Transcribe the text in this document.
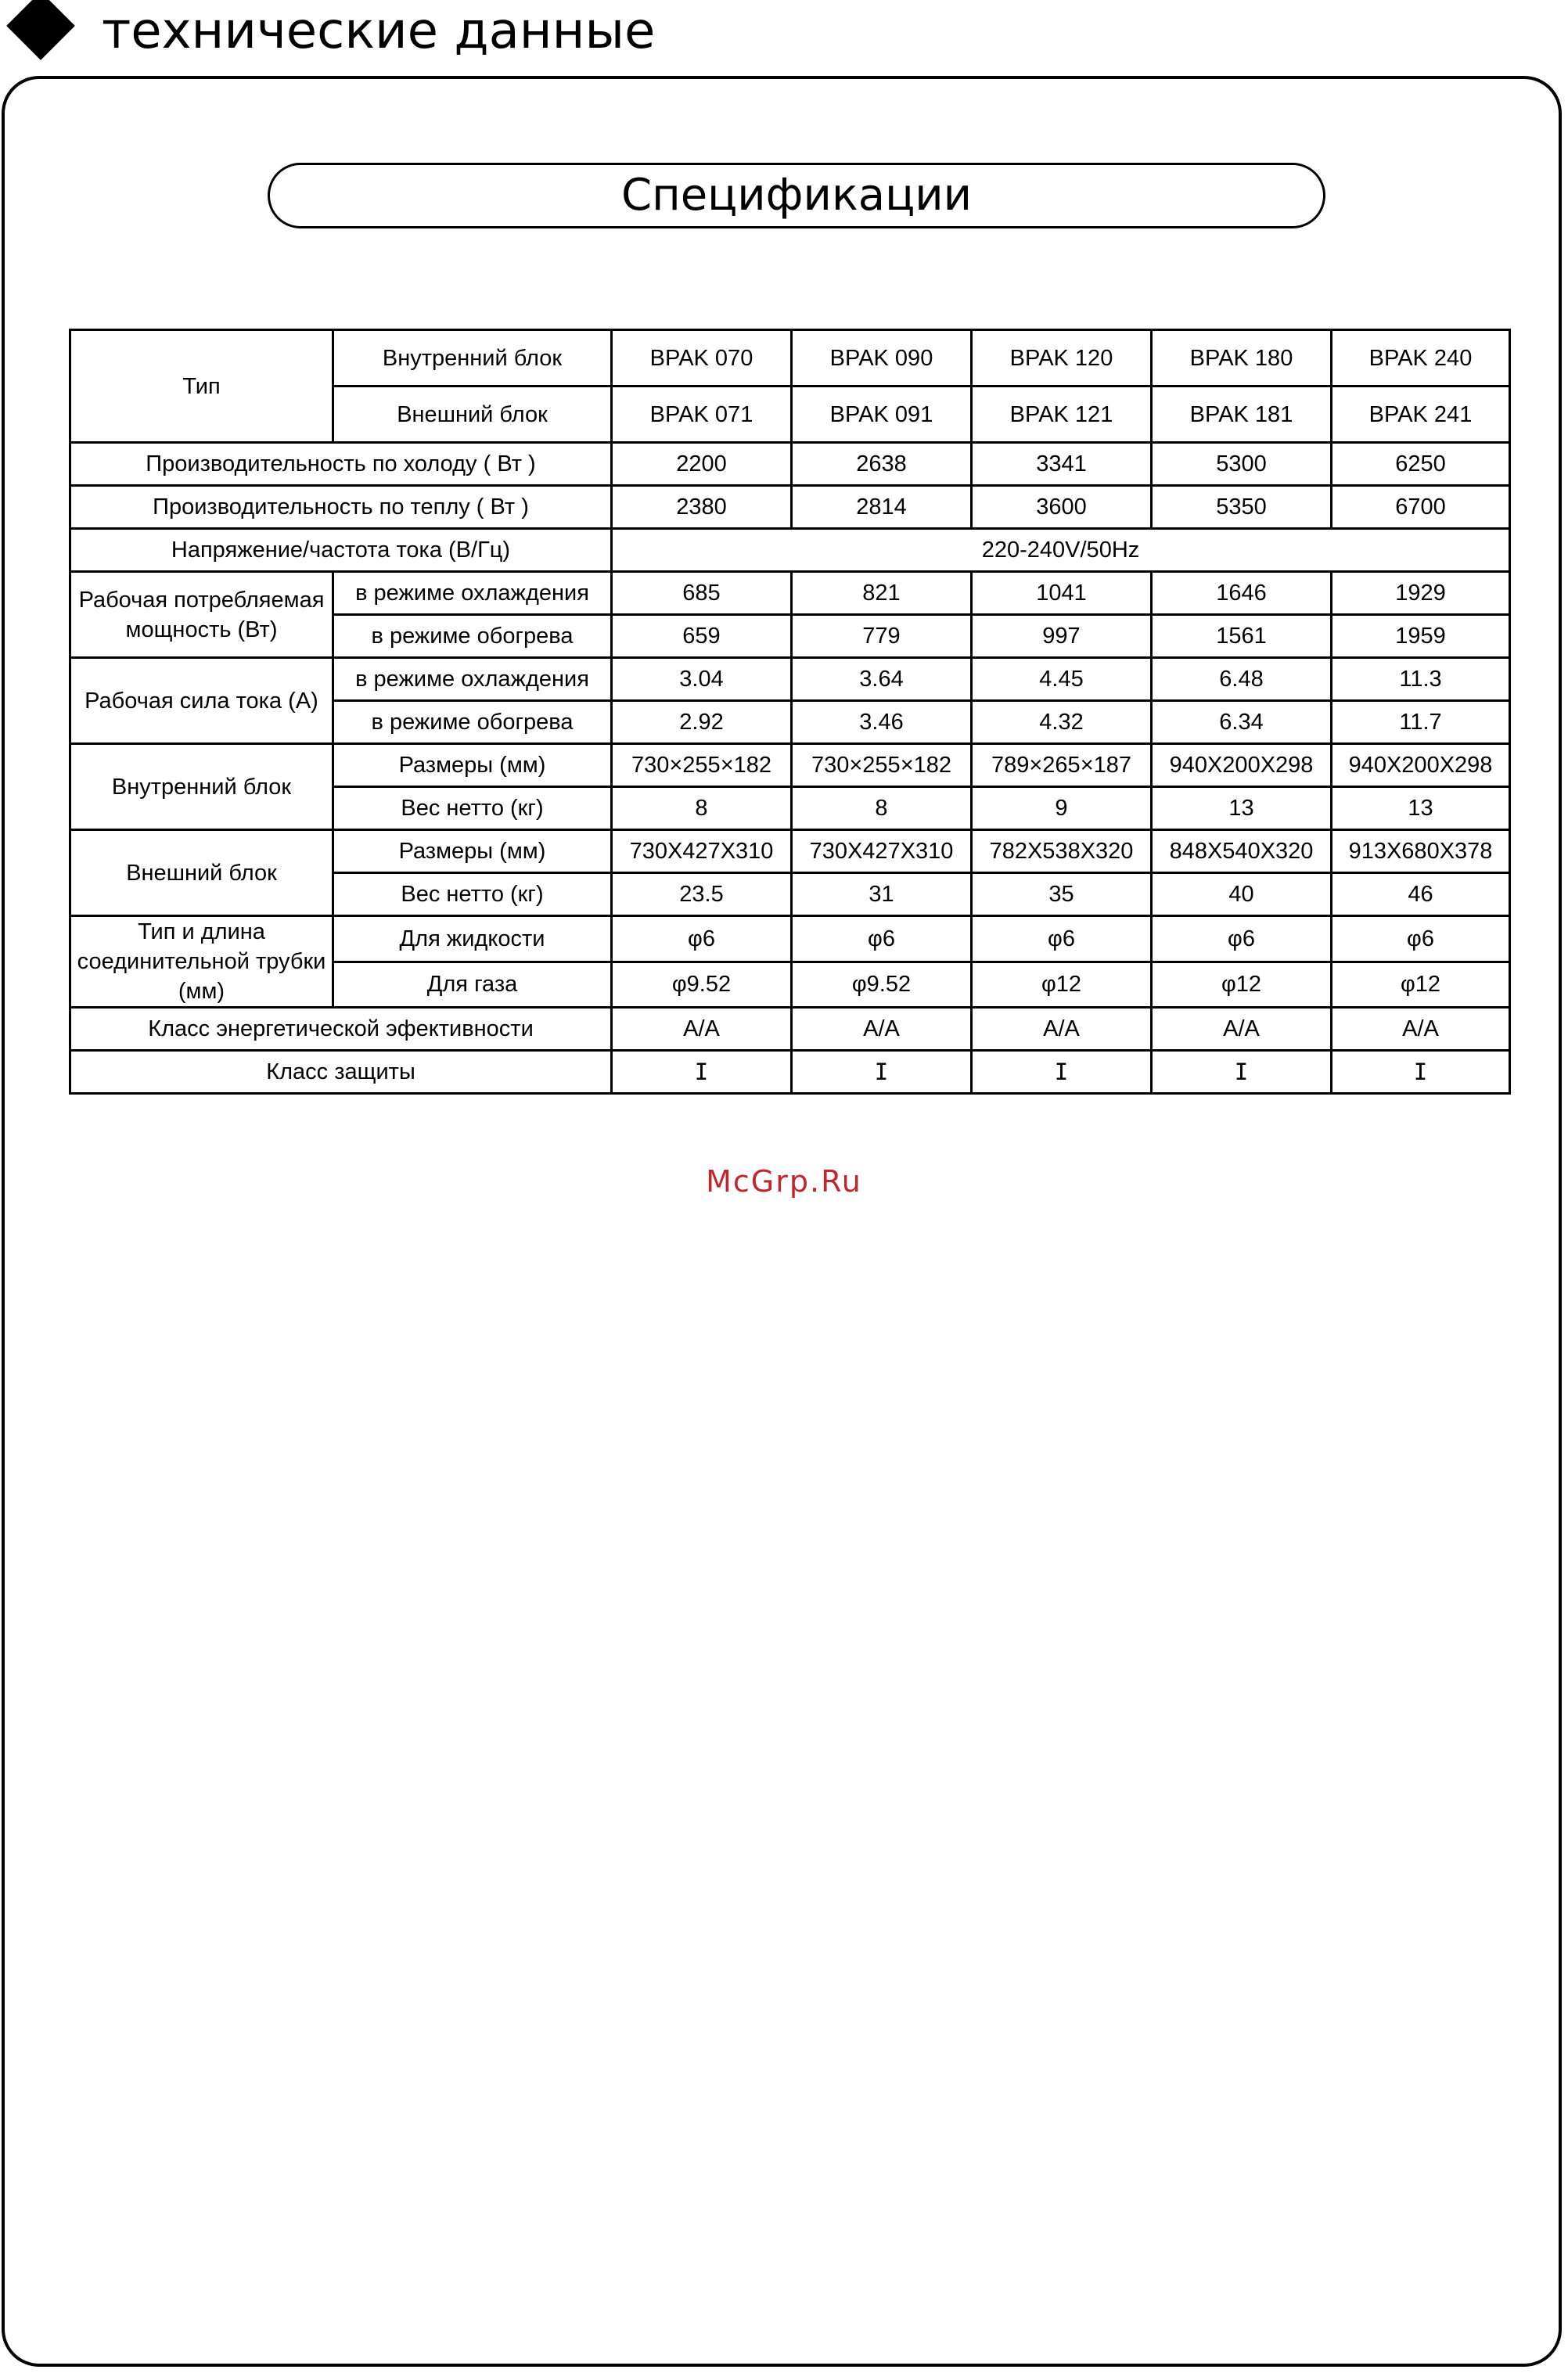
технические данные
Спецификации
Тип	Внутренний блок	BPAK 070	BPAK 090	BPAK 120	BPAK 180	BPAK 240
	Внешний блок	BPAK 071	BPAK 091	BPAK 121	BPAK 181	BPAK 241
Производительность по холоду ( Вт )		2200	2638	3341	5300	6250
Производительность по теплу ( Вт )		2380	2814	3600	5350	6700
Напряжение/частота тока (В/Гц)		220-240V/50Hz				
Рабочая потребляемая мощность (Вт)	в режиме охлаждения	685	821	1041	1646	1929
	в режиме обогрева	659	779	997	1561	1959
Рабочая сила тока (А)	в режиме охлаждения	3.04	3.64	4.45	6.48	11.3
	в режиме обогрева	2.92	3.46	4.32	6.34	11.7
Внутренний блок	Размеры (мм)	730×255×182	730×255×182	789×265×187	940X200X298	940X200X298
	Вес нетто (кг)	8	8	9	13	13
Внешний блок	Размеры (мм)	730X427X310	730X427X310	782X538X320	848X540X320	913X680X378
	Вес нетто (кг)	23.5	31	35	40	46
Тип и длина соединительной трубки (мм)	Для жидкости	φ6	φ6	φ6	φ6	φ6
	Для газа	φ9.52	φ9.52	φ12	φ12	φ12
Класс энергетической эфективности		A/A	A/A	A/A	A/A	A/A
Класс защиты		I	I	I	I	I
McGrp.Ru
